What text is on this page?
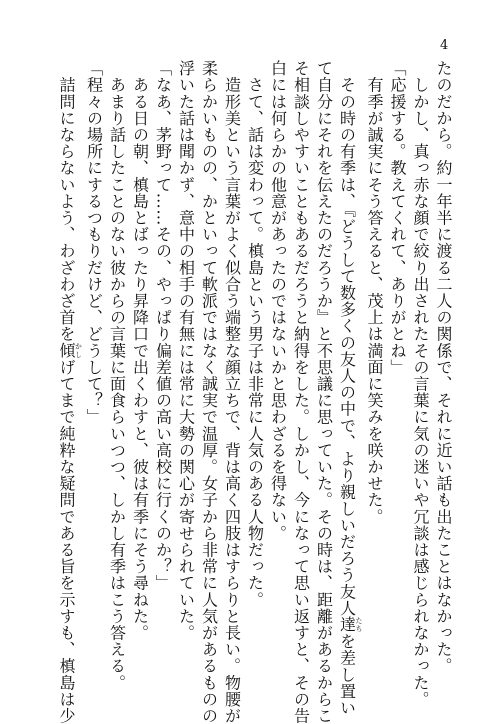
4
たのだから。約一年半に渡る二人の関係で、それに近い話も出たことはなかった。
　しかし、真っ赤な顔で絞り出されたその言葉に気の迷いや冗談は感じられなかった。
「応援する。教えてくれて、ありがとね」
　有季が誠実にそう答えると、茂上は満面に笑みを咲かせた。
　その時の有季は、『どうして数多くの友人の中で、より親しいだろう友人達たちを差し置い
て自分にそれを伝えたのだろうか』と不思議に思っていた。その時は、距離があるからこ
そ相談しやすいこともあるだろうと納得をした。しかし、今になって思い返すと、その告
白には何らかの他意があったのではないかと思わざるを得ない。
　さて、話は変わって。槙島という男子は非常に人気のある人物だった。
　造形美という言葉がよく似合う端整な顔立ちで、背は高く四肢はすらりと長い。物腰が
柔らかいものの、かといって軟派ではなく誠実で温厚。女子から非常に人気があるものの
浮いた話は聞かず、意中の相手の有無には常に大勢の関心が寄せられていた。
「なあ、茅野って……その、やっぱり偏差値の高い高校に行くのか？」
　ある日の朝、槙島とばったり昇降口で出くわすと、彼は有季にそう尋ねた。
　あまり話したことのない彼からの言葉に面食らいつつ、しかし有季はこう答える。
「程々の場所にするつもりだけど、どうして？」
　詰問にならないよう、わざわざ首を傾かしげてまで純粋な疑問である旨を示すも、槙島は少
